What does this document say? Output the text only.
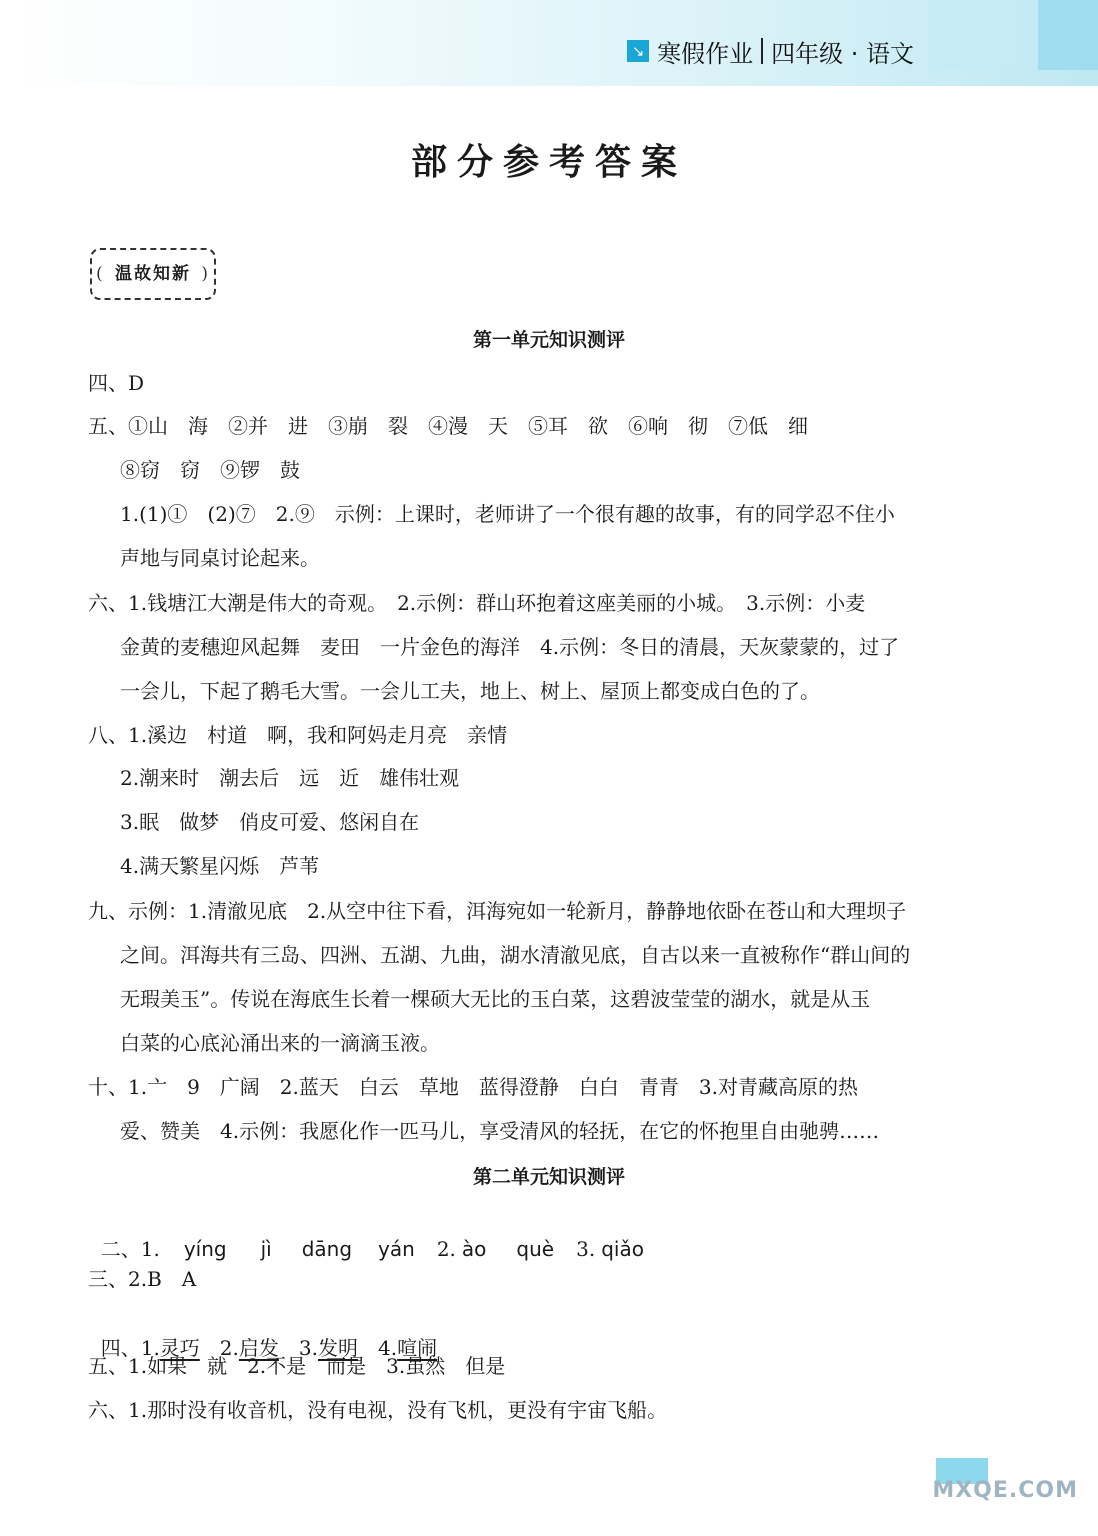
↘ 寒假作业 四年级 · 语文
部分参考答案
( 温故知新 )
第一单元知识测评
四、D
五、①山　海　②并　进　③崩　裂　④漫　天　⑤耳　欲　⑥响　彻　⑦低　细
⑧窃　窃　⑨锣　鼓
1.(1)①　(2)⑦　2.⑨　示例：上课时，老师讲了一个很有趣的故事，有的同学忍不住小
声地与同桌讨论起来。
六、1.钱塘江大潮是伟大的奇观。　2.示例：群山环抱着这座美丽的小城。　3.示例：小麦
金黄的麦穗迎风起舞　麦田　一片金色的海洋　4.示例：冬日的清晨，天灰蒙蒙的，过了
一会儿，下起了鹅毛大雪。一会儿工夫，地上、树上、屋顶上都变成白色的了。
八、1.溪边　村道　啊，我和阿妈走月亮　亲情
2.潮来时　潮去后　远　近　雄伟壮观
3.眠　做梦　俏皮可爱、悠闲自在
4.满天繁星闪烁　芦苇
九、示例：1.清澈见底　2.从空中往下看，洱海宛如一轮新月，静静地依卧在苍山和大理坝子
之间。洱海共有三岛、四洲、五湖、九曲，湖水清澈见底，自古以来一直被称作“群山间的
无瑕美玉”。传说在海底生长着一棵硕大无比的玉白菜，这碧波莹莹的湖水，就是从玉
白菜的心底沁涌出来的一滴滴玉液。
十、1.亠　9　广阔　2.蓝天　白云　草地　蓝得澄静　白白　青青　3.对青藏高原的热
爱、赞美　4.示例：我愿化作一匹马儿，享受清风的轻抚，在它的怀抱里自由驰骋……
第二单元知识测评

二、1. yíng jì dāng yán 2. ào què 3. qiǎo

三、2.B　A

四、1.灵巧　2.启发　3.发明　4.喧闹

五、1.如果　就　2.不是　而是　3.虽然　但是
六、1.那时没有收音机，没有电视，没有飞机，更没有宇宙飞船。
MXQE.COM
